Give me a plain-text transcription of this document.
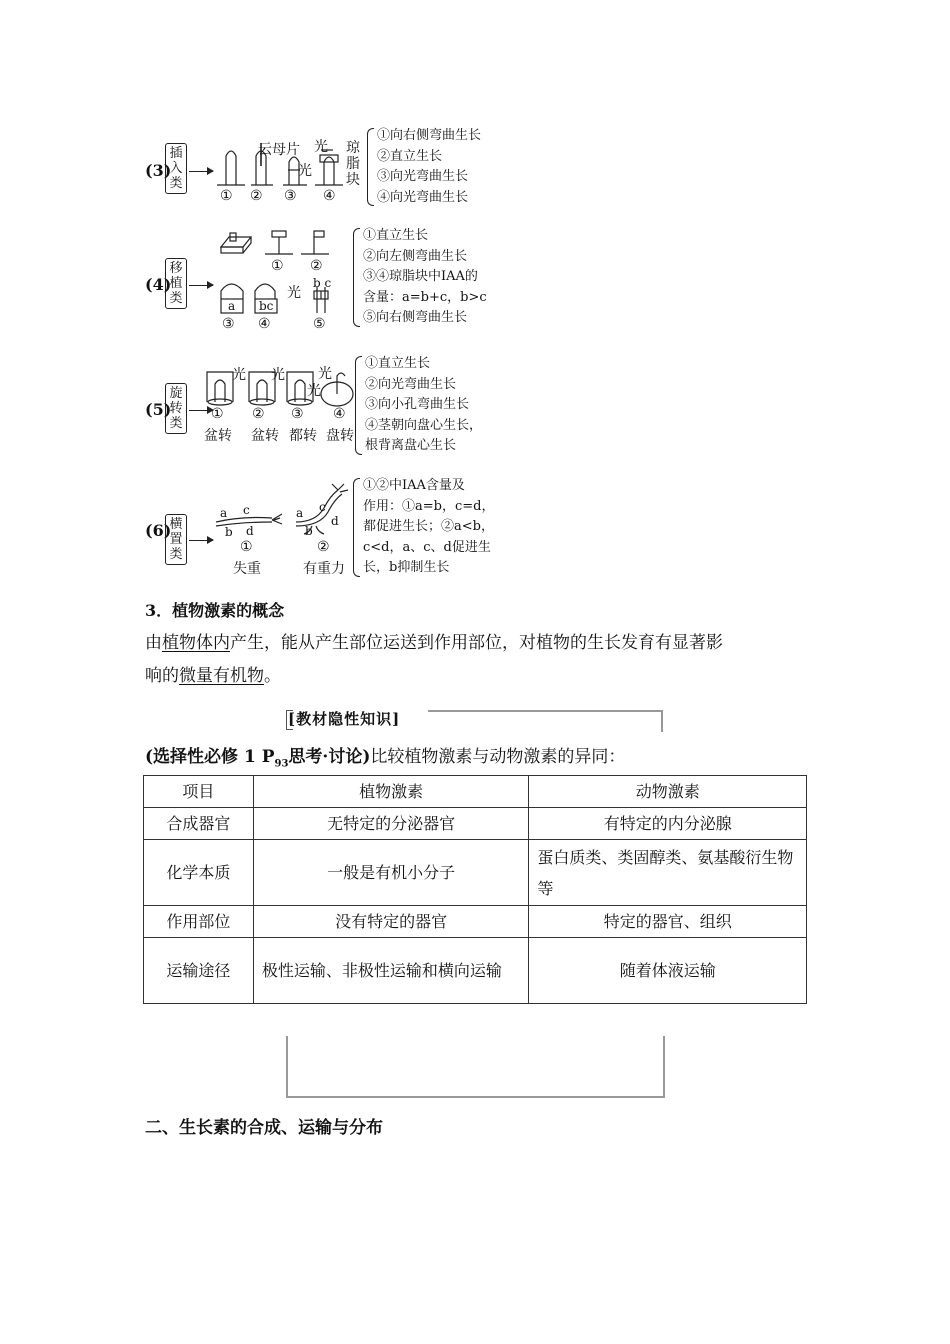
(3)
插入类
云母片 光
光
琼脂块
① ② ③ ④
①向右侧弯曲生长
②直立生长
③向光弯曲生长
④向光弯曲生长
(4)
移植类	光
a bc
b c
① ②
③ ④	⑤
①直立生长
②向左侧弯曲生长
③④琼脂块中IAA的
含量：a=b+c，b>c
⑤向右侧弯曲生长
(5)
旋转类
光 光
光
光
① ② ③ ④
盆转 盆转 都转 盘转
①直立生长
②向光弯曲生长
③向小孔弯曲生长
④茎朝向盘心生长，
根背离盘心生长
(6)
横置类
a c
b d
a c
b
d
①	②
失重	有重力
①②中IAA含量及
作用：①a=b，c=d，
都促进生长；②a<b，
c<d，a、c、d促进生
长，b抑制生长
3．植物激素的概念
由植物体内产生，能从产生部位运送到作用部位，对植物的生长发育有显著影
响的微量有机物。
[教材隐性知识]
(选择性必修 1 $P_{93}$思考·讨论)比较植物激素与动物激素的异同：
项目	植物激素	动物激素
合成器官	无特定的分泌器官	有特定的内分泌腺
化学本质	一般是有机小分子	蛋白质类、类固醇类、氨基酸衍生物等
作用部位	没有特定的器官	特定的器官、组织
运输途径	极性运输、非极性运输和横向运输	随着体液运输
二、生长素的合成、运输与分布
